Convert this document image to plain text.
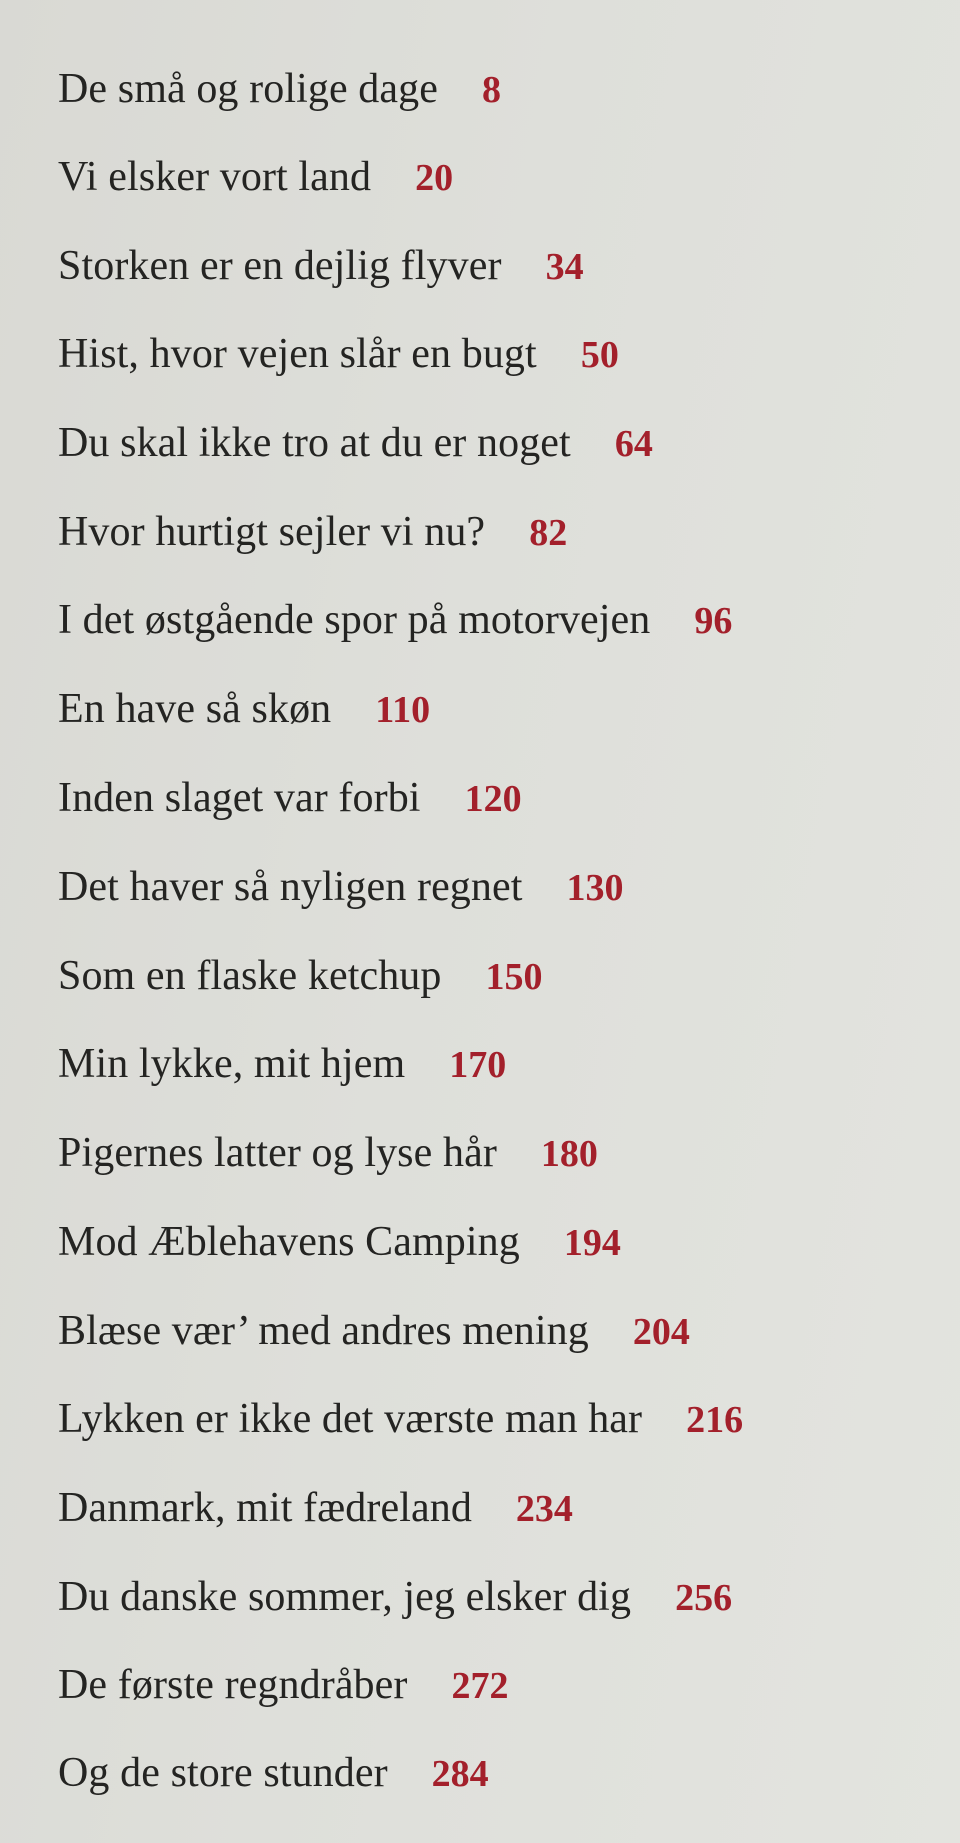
De små og rolige dage 8
Vi elsker vort land 20
Storken er en dejlig flyver 34
Hist, hvor vejen slår en bugt 50
Du skal ikke tro at du er noget 64
Hvor hurtigt sejler vi nu? 82
I det østgående spor på motorvejen 96
En have så skøn 110
Inden slaget var forbi 120
Det haver så nyligen regnet 130
Som en flaske ketchup 150
Min lykke, mit hjem 170
Pigernes latter og lyse hår 180
Mod Æblehavens Camping 194
Blæse vær’ med andres mening 204
Lykken er ikke det værste man har 216
Danmark, mit fædreland 234
Du danske sommer, jeg elsker dig 256
De første regndråber 272
Og de store stunder 284
